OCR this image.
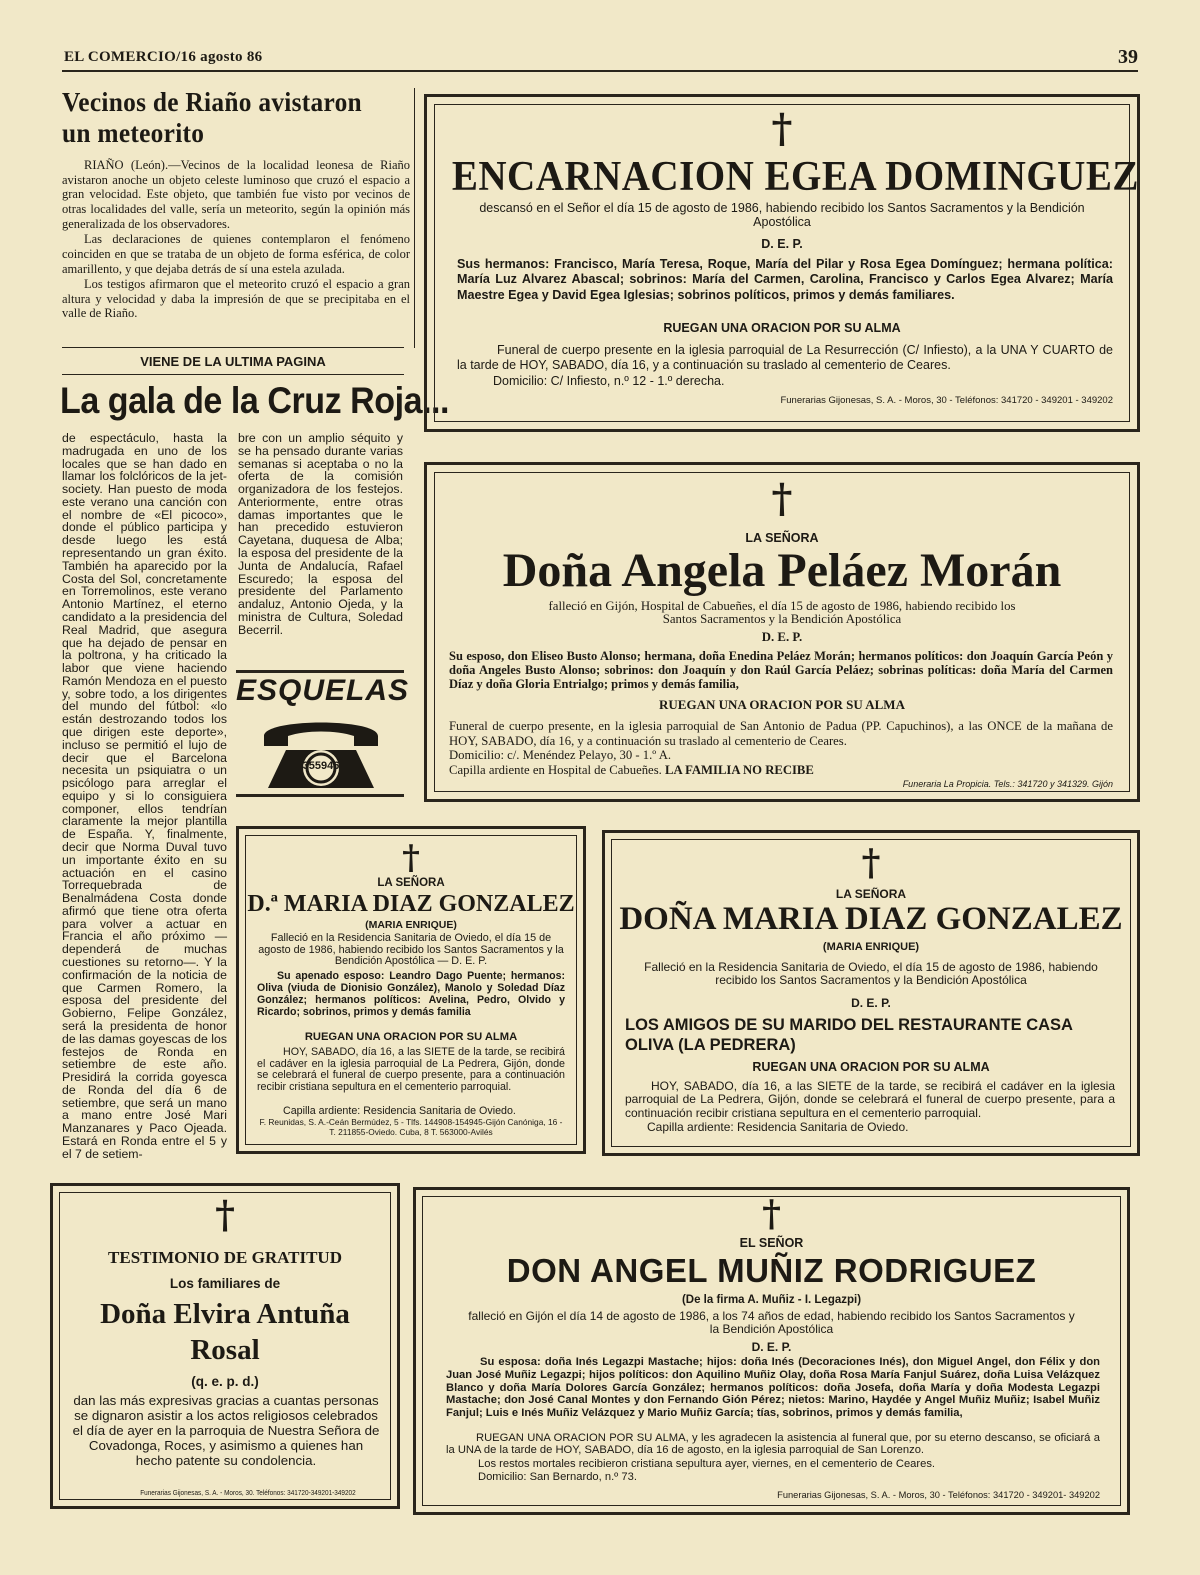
EL COMERCIO/16 agosto 86	39
Vecinos de Riaño avistaron
un meteorito

RIAÑO (León).—Vecinos de la localidad leonesa de Riaño avistaron anoche un objeto celeste luminoso que cruzó el espacio a gran velocidad. Este objeto, que también fue visto por vecinos de otras localidades del valle, sería un meteorito, según la opinión más generalizada de los observadores.

Las declaraciones de quienes contemplaron el fenómeno coinciden en que se trataba de un objeto de forma esférica, de color amarillento, y que dejaba detrás de sí una estela azulada.

Los testigos afirmaron que el meteorito cruzó el espacio a gran altura y velocidad y daba la impresión de que se precipitaba en el valle de Riaño.

VIENE DE LA ULTIMA PAGINA
La gala de la Cruz Roja...

de espectáculo, hasta la madrugada en uno de los locales que se han dado en llamar los folclóricos de la jet-society. Han puesto de moda este verano una canción con el nombre de «El picoco», donde el público participa y desde luego les está representando un gran éxito. También ha aparecido por la Costa del Sol, concretamente en Torremolinos, este verano Antonio Martínez, el eterno candidato a la presidencia del Real Madrid, que asegura que ha dejado de pensar en la poltrona, y ha criticado la labor que viene haciendo Ramón Mendoza en el puesto y, sobre todo, a los dirigentes del mundo del fútbol: «lo están destrozando todos los que dirigen este deporte», incluso se permitió el lujo de decir que el Barcelona necesita un psiquiatra o un psicólogo para arreglar el equipo y si lo consiguiera componer, ellos tendrían claramente la mejor plantilla de España. Y, finalmente, decir que Norma Duval tuvo un importante éxito en su actuación en el casino Torrequebrada de Benalmádena Costa donde afirmó que tiene otra oferta para volver a actuar en Francia el año próximo —dependerá de muchas cuestiones su retorno—. Y la confirmación de la noticia de que Carmen Romero, la esposa del presidente del Gobierno, Felipe González, será la presidenta de honor de las damas goyescas de los festejos de Ronda en setiembre de este año. Presidirá la corrida goyesca de Ronda del día 6 de setiembre, que será un mano a mano entre José Mari Manzanares y Paco Ojeada. Estará en Ronda entre el 5 y el 7 de setiem-

bre con un amplio séquito y se ha pensado durante varias semanas si aceptaba o no la oferta de la comisión organizadora de los festejos. Anteriormente, entre otras damas importantes que le han precedido estuvieron Cayetana, duquesa de Alba; la esposa del presidente de la Junta de Andalucía, Rafael Escuredo; la esposa del presidente del Parlamento andaluz, Antonio Ojeda, y la ministra de Cultura, Soledad Becerril.

ESQUELAS
355946
†
ENCARNACION EGEA DOMINGUEZ
descansó en el Señor el día 15 de agosto de 1986, habiendo recibido los Santos Sacramentos y la Bendición Apostólica
D. E. P.
Sus hermanos: Francisco, María Teresa, Roque, María del Pilar y Rosa Egea Domínguez; hermana política: María Luz Alvarez Abascal; sobrinos: María del Carmen, Carolina, Francisco y Carlos Egea Alvarez; María Maestre Egea y David Egea Iglesias; sobrinos políticos, primos y demás familiares.
RUEGAN UNA ORACION POR SU ALMA
Funeral de cuerpo presente en la iglesia parroquial de La Resurrección (C/ Infiesto), a la UNA Y CUARTO de la tarde de HOY, SABADO, día 16, y a continuación su traslado al cementerio de Ceares.
Domicilio: C/ Infiesto, n.º 12 - 1.º derecha.
Funerarias Gijonesas, S. A. - Moros, 30 - Teléfonos: 341720 - 349201 - 349202
†
LA SEÑORA
Doña Angela Peláez Morán
falleció en Gijón, Hospital de Cabueñes, el día 15 de agosto de 1986, habiendo recibido los Santos Sacramentos y la Bendición Apostólica
D. E. P.
Su esposo, don Eliseo Busto Alonso; hermana, doña Enedina Peláez Morán; hermanos políticos: don Joaquín García Peón y doña Angeles Busto Alonso; sobrinos: don Joaquín y don Raúl García Peláez; sobrinas políticas: doña María del Carmen Díaz y doña Gloria Entrialgo; primos y demás familia,
RUEGAN UNA ORACION POR SU ALMA
Funeral de cuerpo presente, en la iglesia parroquial de San Antonio de Padua (PP. Capuchinos), a las ONCE de la mañana de HOY, SABADO, día 16, y a continuación su traslado al cementerio de Ceares.
Domicilio: c/. Menéndez Pelayo, 30 - 1.º A.
Capilla ardiente en Hospital de Cabueñes. LA FAMILIA NO RECIBE
Funeraria La Propicia. Tels.: 341720 y 341329. Gijón
†
LA SEÑORA
D.ª MARIA DIAZ GONZALEZ
(MARIA ENRIQUE)
Falleció en la Residencia Sanitaria de Oviedo, el día 15 de agosto de 1986, habiendo recibido los Santos Sacramentos y la Bendición Apostólica — D. E. P.
Su apenado esposo: Leandro Dago Puente; hermanos: Oliva (viuda de Dionisio González), Manolo y Soledad Díaz González; hermanos políticos: Avelina, Pedro, Olvido y Ricardo; sobrinos, primos y demás familia
RUEGAN UNA ORACION POR SU ALMA
HOY, SABADO, día 16, a las SIETE de la tarde, se recibirá el cadáver en la iglesia parroquial de La Pedrera, Gijón, donde se celebrará el funeral de cuerpo presente, para a continuación recibir cristiana sepultura en el cementerio parroquial.
Capilla ardiente: Residencia Sanitaria de Oviedo.
F. Reunidas, S. A.-Ceán Bermúdez, 5 - Tlfs. 144908-154945-Gijón Canóniga, 16 - T. 211855-Oviedo. Cuba, 8 T. 563000-Avilés
†
LA SEÑORA
DOÑA MARIA DIAZ GONZALEZ
(MARIA ENRIQUE)
Falleció en la Residencia Sanitaria de Oviedo, el día 15 de agosto de 1986, habiendo recibido los Santos Sacramentos y la Bendición Apostólica
D. E. P.
LOS AMIGOS DE SU MARIDO DEL RESTAURANTE CASA OLIVA (LA PEDRERA)
RUEGAN UNA ORACION POR SU ALMA
HOY, SABADO, día 16, a las SIETE de la tarde, se recibirá el cadáver en la iglesia parroquial de La Pedrera, Gijón, donde se celebrará el funeral de cuerpo presente, para a continuación recibir cristiana sepultura en el cementerio parroquial.
Capilla ardiente: Residencia Sanitaria de Oviedo.
†
TESTIMONIO DE GRATITUD
Los familiares de
Doña Elvira Antuña
Rosal
(q. e. p. d.)
dan las más expresivas gracias a cuantas personas se dignaron asistir a los actos religiosos celebrados el día de ayer en la parroquia de Nuestra Señora de Covadonga, Roces, y asimismo a quienes han hecho patente su condolencia.
Funerarias Gijonesas, S. A. - Moros, 30. Teléfonos: 341720-349201-349202
†
EL SEÑOR
DON ANGEL MUÑIZ RODRIGUEZ
(De la firma A. Muñiz - I. Legazpi)
falleció en Gijón el día 14 de agosto de 1986, a los 74 años de edad, habiendo recibido los Santos Sacramentos y la Bendición Apostólica
D. E. P.
Su esposa: doña Inés Legazpi Mastache; hijos: doña Inés (Decoraciones Inés), don Miguel Angel, don Félix y don Juan José Muñiz Legazpi; hijos políticos: don Aquilino Muñiz Olay, doña Rosa María Fanjul Suárez, doña Luisa Velázquez Blanco y doña María Dolores García González; hermanos políticos: doña Josefa, doña María y doña Modesta Legazpi Mastache; don José Canal Montes y don Fernando Gión Pérez; nietos: Marino, Haydée y Angel Muñiz Muñiz; Isabel Muñiz Fanjul; Luis e Inés Muñiz Velázquez y Mario Muñiz García; tías, sobrinos, primos y demás familia,
RUEGAN UNA ORACION POR SU ALMA, y les agradecen la asistencia al funeral que, por su eterno descanso, se oficiará a la UNA de la tarde de HOY, SABADO, día 16 de agosto, en la iglesia parroquial de San Lorenzo.
Los restos mortales recibieron cristiana sepultura ayer, viernes, en el cementerio de Ceares.
Domicilio: San Bernardo, n.º 73.
Funerarias Gijonesas, S. A. - Moros, 30 - Teléfonos: 341720 - 349201- 349202
